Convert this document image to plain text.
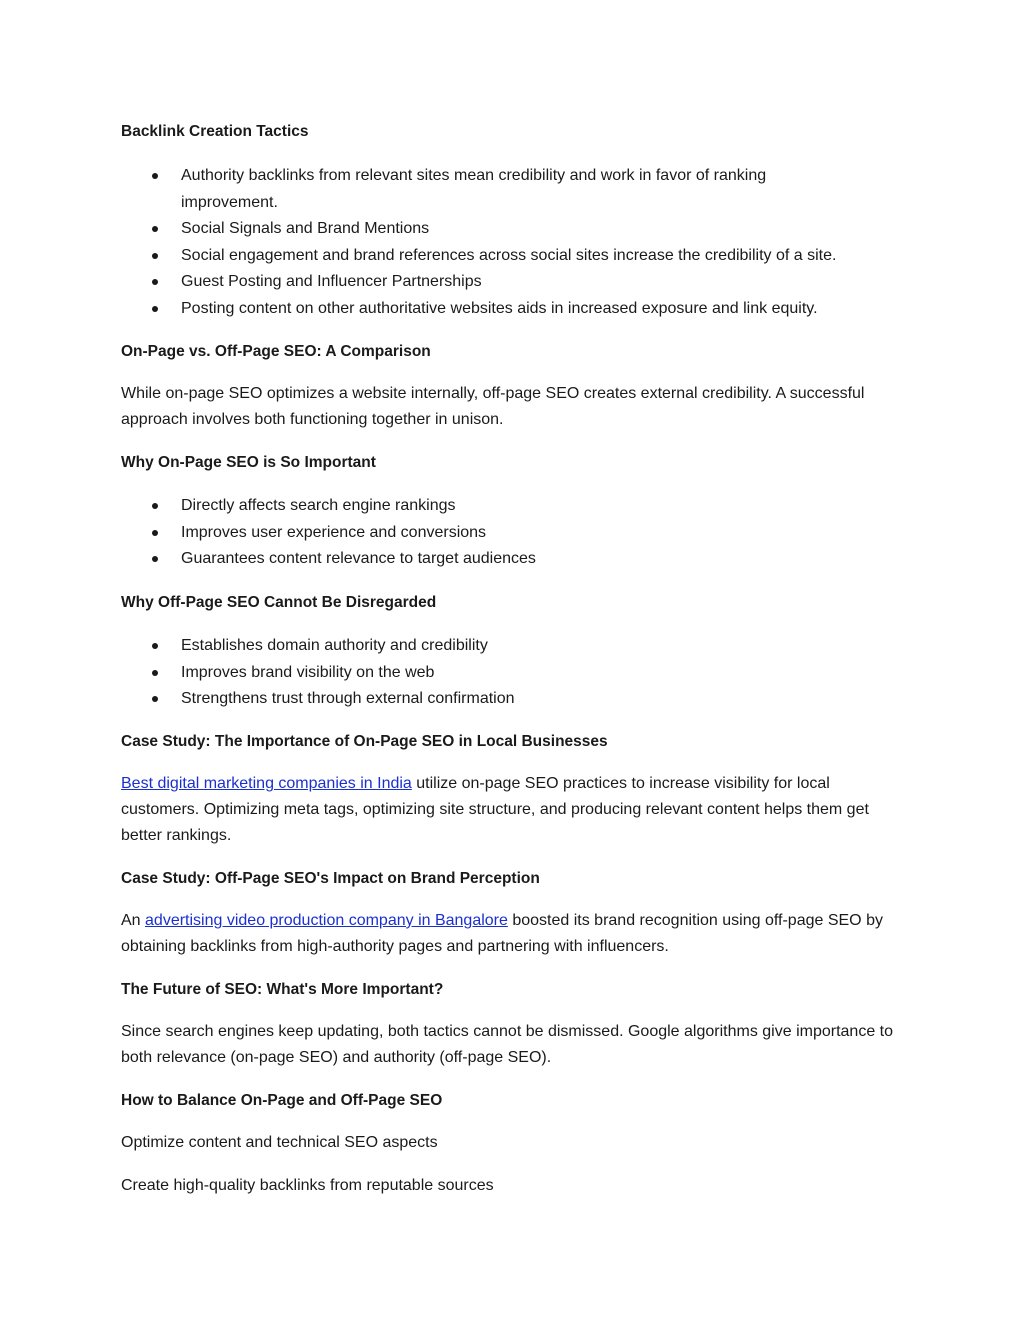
Backlink Creation Tactics
Authority backlinks from relevant sites mean credibility and work in favor of ranking improvement.
Social Signals and Brand Mentions
Social engagement and brand references across social sites increase the credibility of a site.
Guest Posting and Influencer Partnerships
Posting content on other authoritative websites aids in increased exposure and link equity.
On-Page vs. Off-Page SEO: A Comparison

While on-page SEO optimizes a website internally, off-page SEO creates external credibility. A successful approach involves both functioning together in unison.

Why On-Page SEO is So Important
Directly affects search engine rankings
Improves user experience and conversions
Guarantees content relevance to target audiences
Why Off-Page SEO Cannot Be Disregarded
Establishes domain authority and credibility
Improves brand visibility on the web
Strengthens trust through external confirmation
Case Study: The Importance of On-Page SEO in Local Businesses

Best digital marketing companies in India utilize on-page SEO practices to increase visibility for local customers. Optimizing meta tags, optimizing site structure, and producing relevant content helps them get better rankings.

Case Study: Off-Page SEO's Impact on Brand Perception

An advertising video production company in Bangalore boosted its brand recognition using off-page SEO by obtaining backlinks from high-authority pages and partnering with influencers.

The Future of SEO: What's More Important?

Since search engines keep updating, both tactics cannot be dismissed. Google algorithms give importance to both relevance (on-page SEO) and authority (off-page SEO).

How to Balance On-Page and Off-Page SEO

Optimize content and technical SEO aspects

Create high-quality backlinks from reputable sources
